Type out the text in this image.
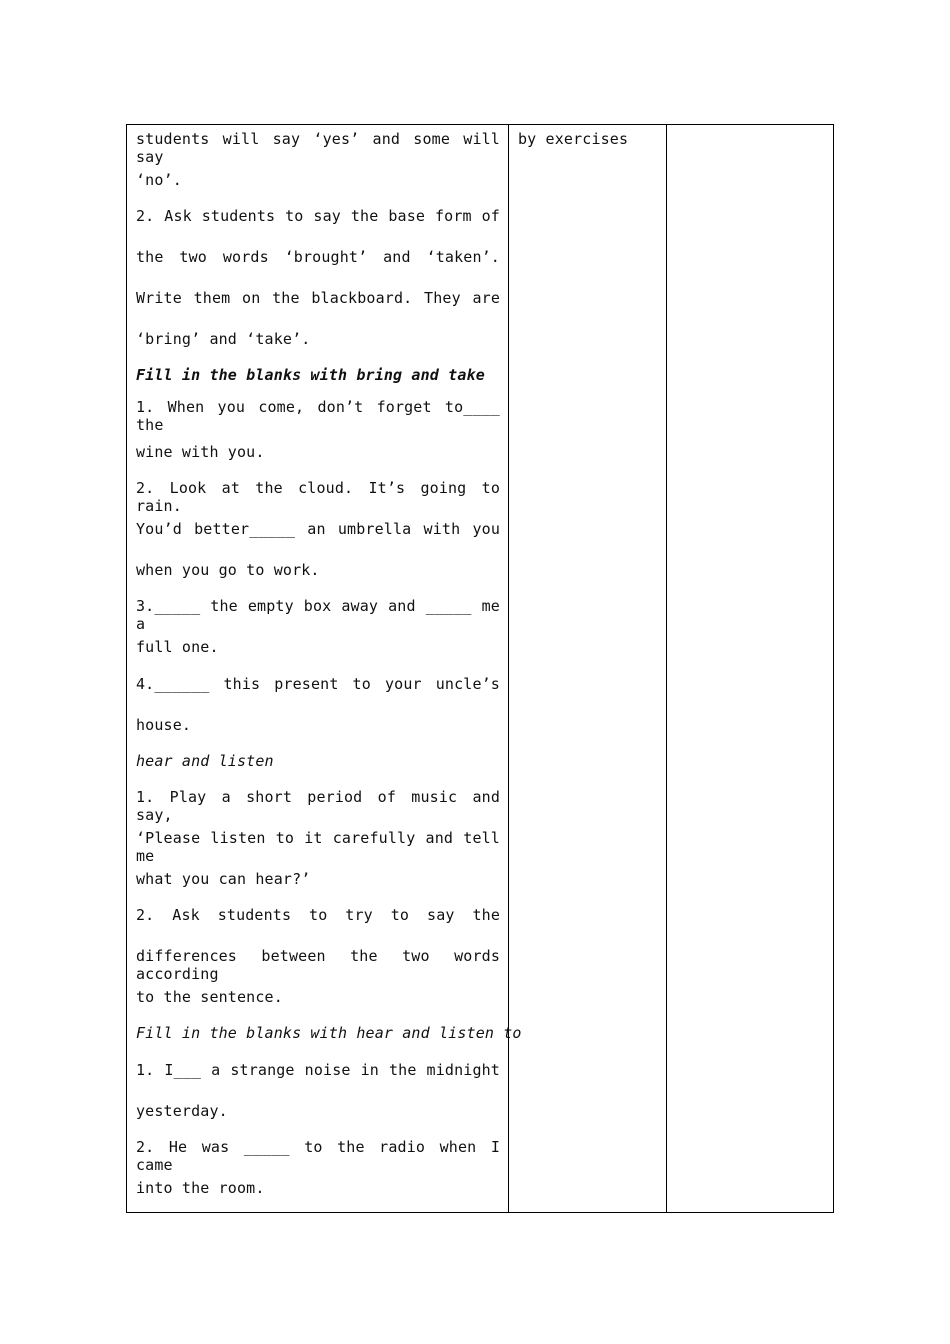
students will say ‘yes’ and some will say
‘no’.
2. Ask students to say the base form of
the two words ‘brought’ and ‘taken’.
Write them on the blackboard. They are
‘bring’ and ‘take’.
Fill in the blanks with bring and take
1. When you come, don’t forget to____ the
wine with you.
2. Look at the cloud. It’s going to rain.
You’d better_____ an umbrella with you
when you go to work.
3._____ the empty box away and _____ me a
full one.
4.______ this present to your uncle’s
house.
hear and listen
1. Play a short period of music and say,
‘Please listen to it carefully and tell me
what you can hear?’
2. Ask students to try to say the
differences between the two words according
to the sentence.
Fill in the blanks with hear and listen to
1. I___ a strange noise in the midnight
yesterday.
2. He was _____ to the radio when I came
into the room.
by exercises
